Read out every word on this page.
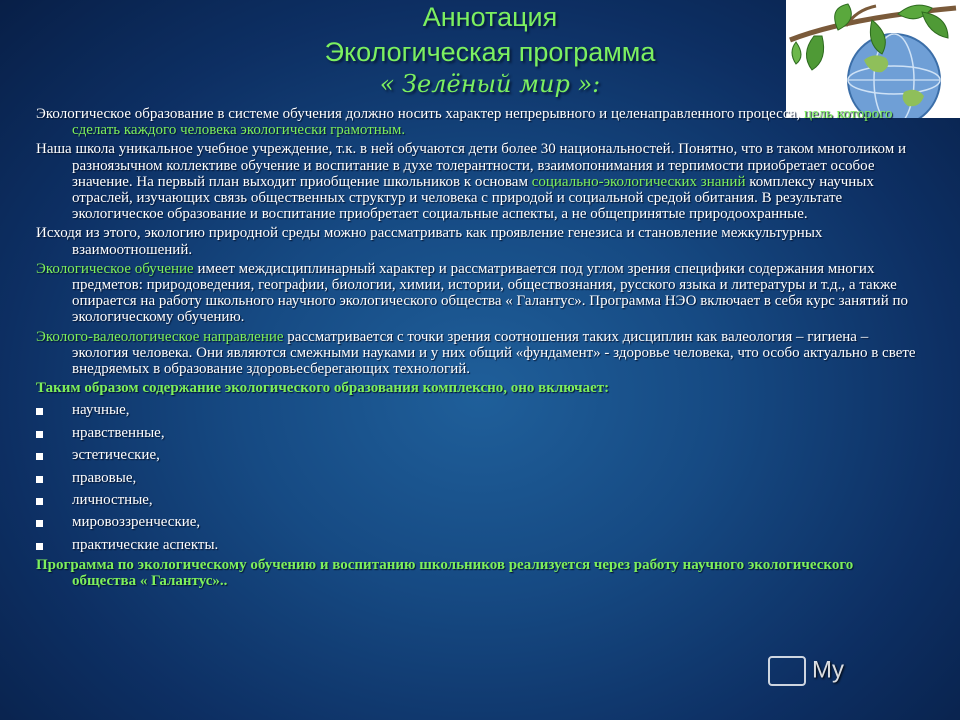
Аннотация
Экологическая программа
« Зелёный мир »:

Экологическое образование в системе обучения должно носить характер непрерывного и целенаправленного процесса, цель которого сделать каждого человека экологически грамотным.

Наша школа уникальное учебное учреждение, т.к. в ней обучаются дети более 30 национальностей. Понятно, что в таком многоликом и разноязычном коллективе обучение и воспитание в духе толерантности, взаимопонимания и терпимости приобретает особое значение. На первый план выходит приобщение школьников к основам социально-экологических знаний комплексу научных отраслей, изучающих связь общественных структур и человека с природой и социальной средой обитания. В результате экологическое образование и воспитание приобретает социальные аспекты, а не общепринятые природоохранные.

Исходя из этого, экологию природной среды можно рассматривать как проявление генезиса и становление межкультурных взаимоотношений.

Экологическое обучение имеет междисциплинарный характер и рассматривается под углом зрения специфики содержания многих предметов: природоведения, географии, биологии, химии, истории, обществознания, русского языка и литературы и т.д., а также опирается на работу школьного научного экологического общества « Галантус». Программа НЭО включает в себя курс занятий по экологическому обучению.

Эколого-валеологическое направление рассматривается с точки зрения соотношения таких дисциплин как валеология – гигиена – экология человека. Они являются смежными науками и у них общий «фундамент» - здоровье человека, что особо актуально в свете внедряемых в образование здоровьесберегающих технологий.

Таким образом содержание экологического образования комплексно, оно включает:

научные,
нравственные,
эстетические,
правовые,
личностные,
мировоззренческие,
практические аспекты.

Программа по экологическому обучению и воспитанию школьников реализуется через работу научного экологического общества « Галантус»..

My
